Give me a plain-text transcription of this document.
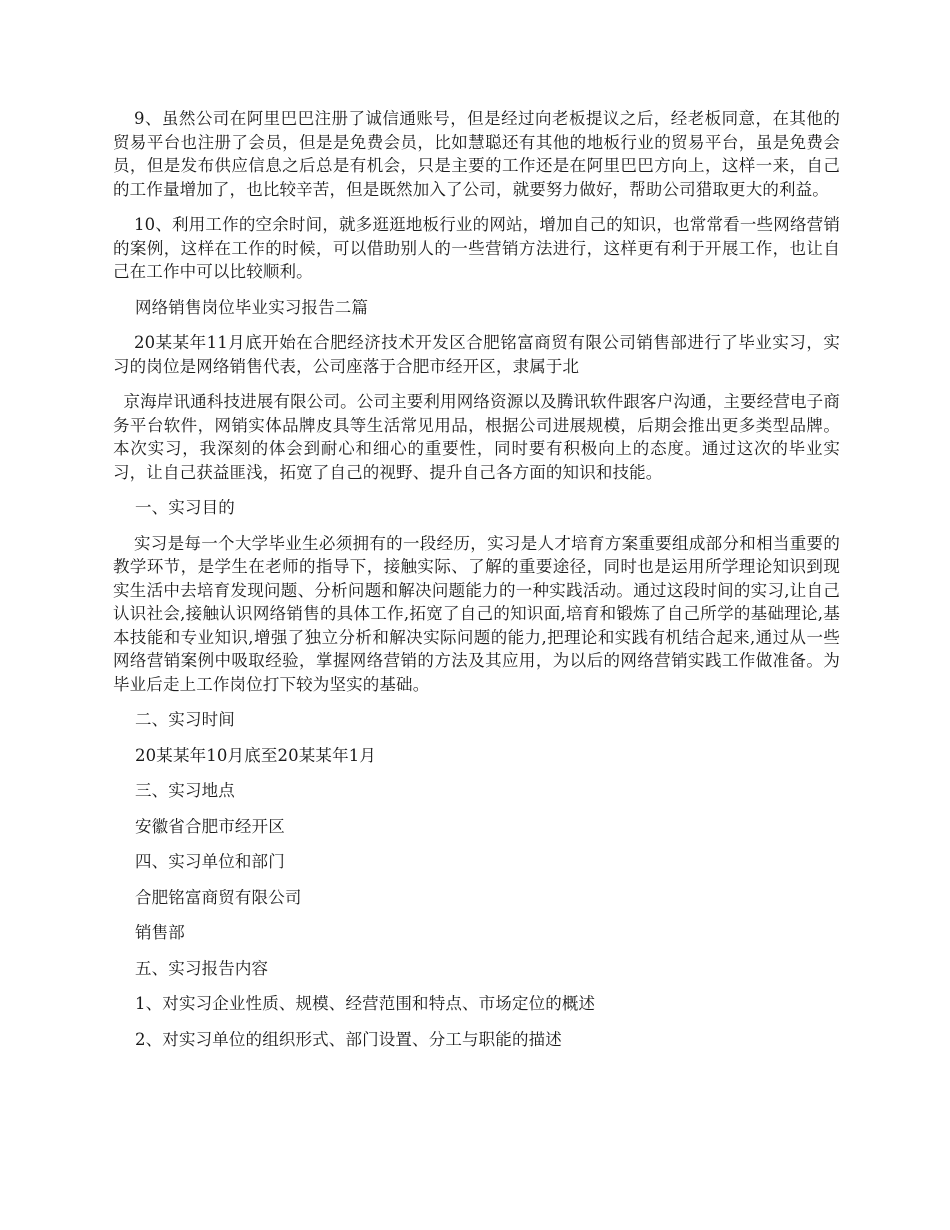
9、虽然公司在阿里巴巴注册了诚信通账号，但是经过向老板提议之后，经老板同意，在其他的贸易平台也注册了会员，但是是免费会员，比如慧聪还有其他的地板行业的贸易平台，虽是免费会员，但是发布供应信息之后总是有机会，只是主要的工作还是在阿里巴巴方向上，这样一来，自己的工作量增加了，也比较辛苦，但是既然加入了公司，就要努力做好，帮助公司猎取更大的利益。

10、利用工作的空余时间，就多逛逛地板行业的网站，增加自己的知识，也常常看一些网络营销的案例，这样在工作的时候，可以借助别人的一些营销方法进行，这样更有利于开展工作，也让自己在工作中可以比较顺利。

网络销售岗位毕业实习报告二篇

20某某年11月底开始在合肥经济技术开发区合肥铭富商贸有限公司销售部进行了毕业实习，实习的岗位是网络销售代表，公司座落于合肥市经开区，隶属于北

京海岸讯通科技进展有限公司。公司主要利用网络资源以及腾讯软件跟客户沟通，主要经营电子商务平台软件，网销实体品牌皮具等生活常见用品，根据公司进展规模，后期会推出更多类型品牌。本次实习，我深刻的体会到耐心和细心的重要性，同时要有积极向上的态度。通过这次的毕业实习，让自己获益匪浅，拓宽了自己的视野、提升自己各方面的知识和技能。

一、实习目的

实习是每一个大学毕业生必须拥有的一段经历，实习是人才培育方案重要组成部分和相当重要的教学环节，是学生在老师的指导下，接触实际、了解的重要途径，同时也是运用所学理论知识到现实生活中去培育发现问题、分析问题和解决问题能力的一种实践活动。通过这段时间的实习,让自己认识社会,接触认识网络销售的具体工作,拓宽了自己的知识面,培育和锻炼了自己所学的基础理论,基本技能和专业知识,增强了独立分析和解决实际问题的能力,把理论和实践有机结合起来,通过从一些网络营销案例中吸取经验，掌握网络营销的方法及其应用，为以后的网络营销实践工作做准备。为毕业后走上工作岗位打下较为坚实的基础。

二、实习时间

20某某年10月底至20某某年1月

三、实习地点

安徽省合肥市经开区

四、实习单位和部门

合肥铭富商贸有限公司

销售部

五、实习报告内容

1、对实习企业性质、规模、经营范围和特点、市场定位的概述

2、对实习单位的组织形式、部门设置、分工与职能的描述
